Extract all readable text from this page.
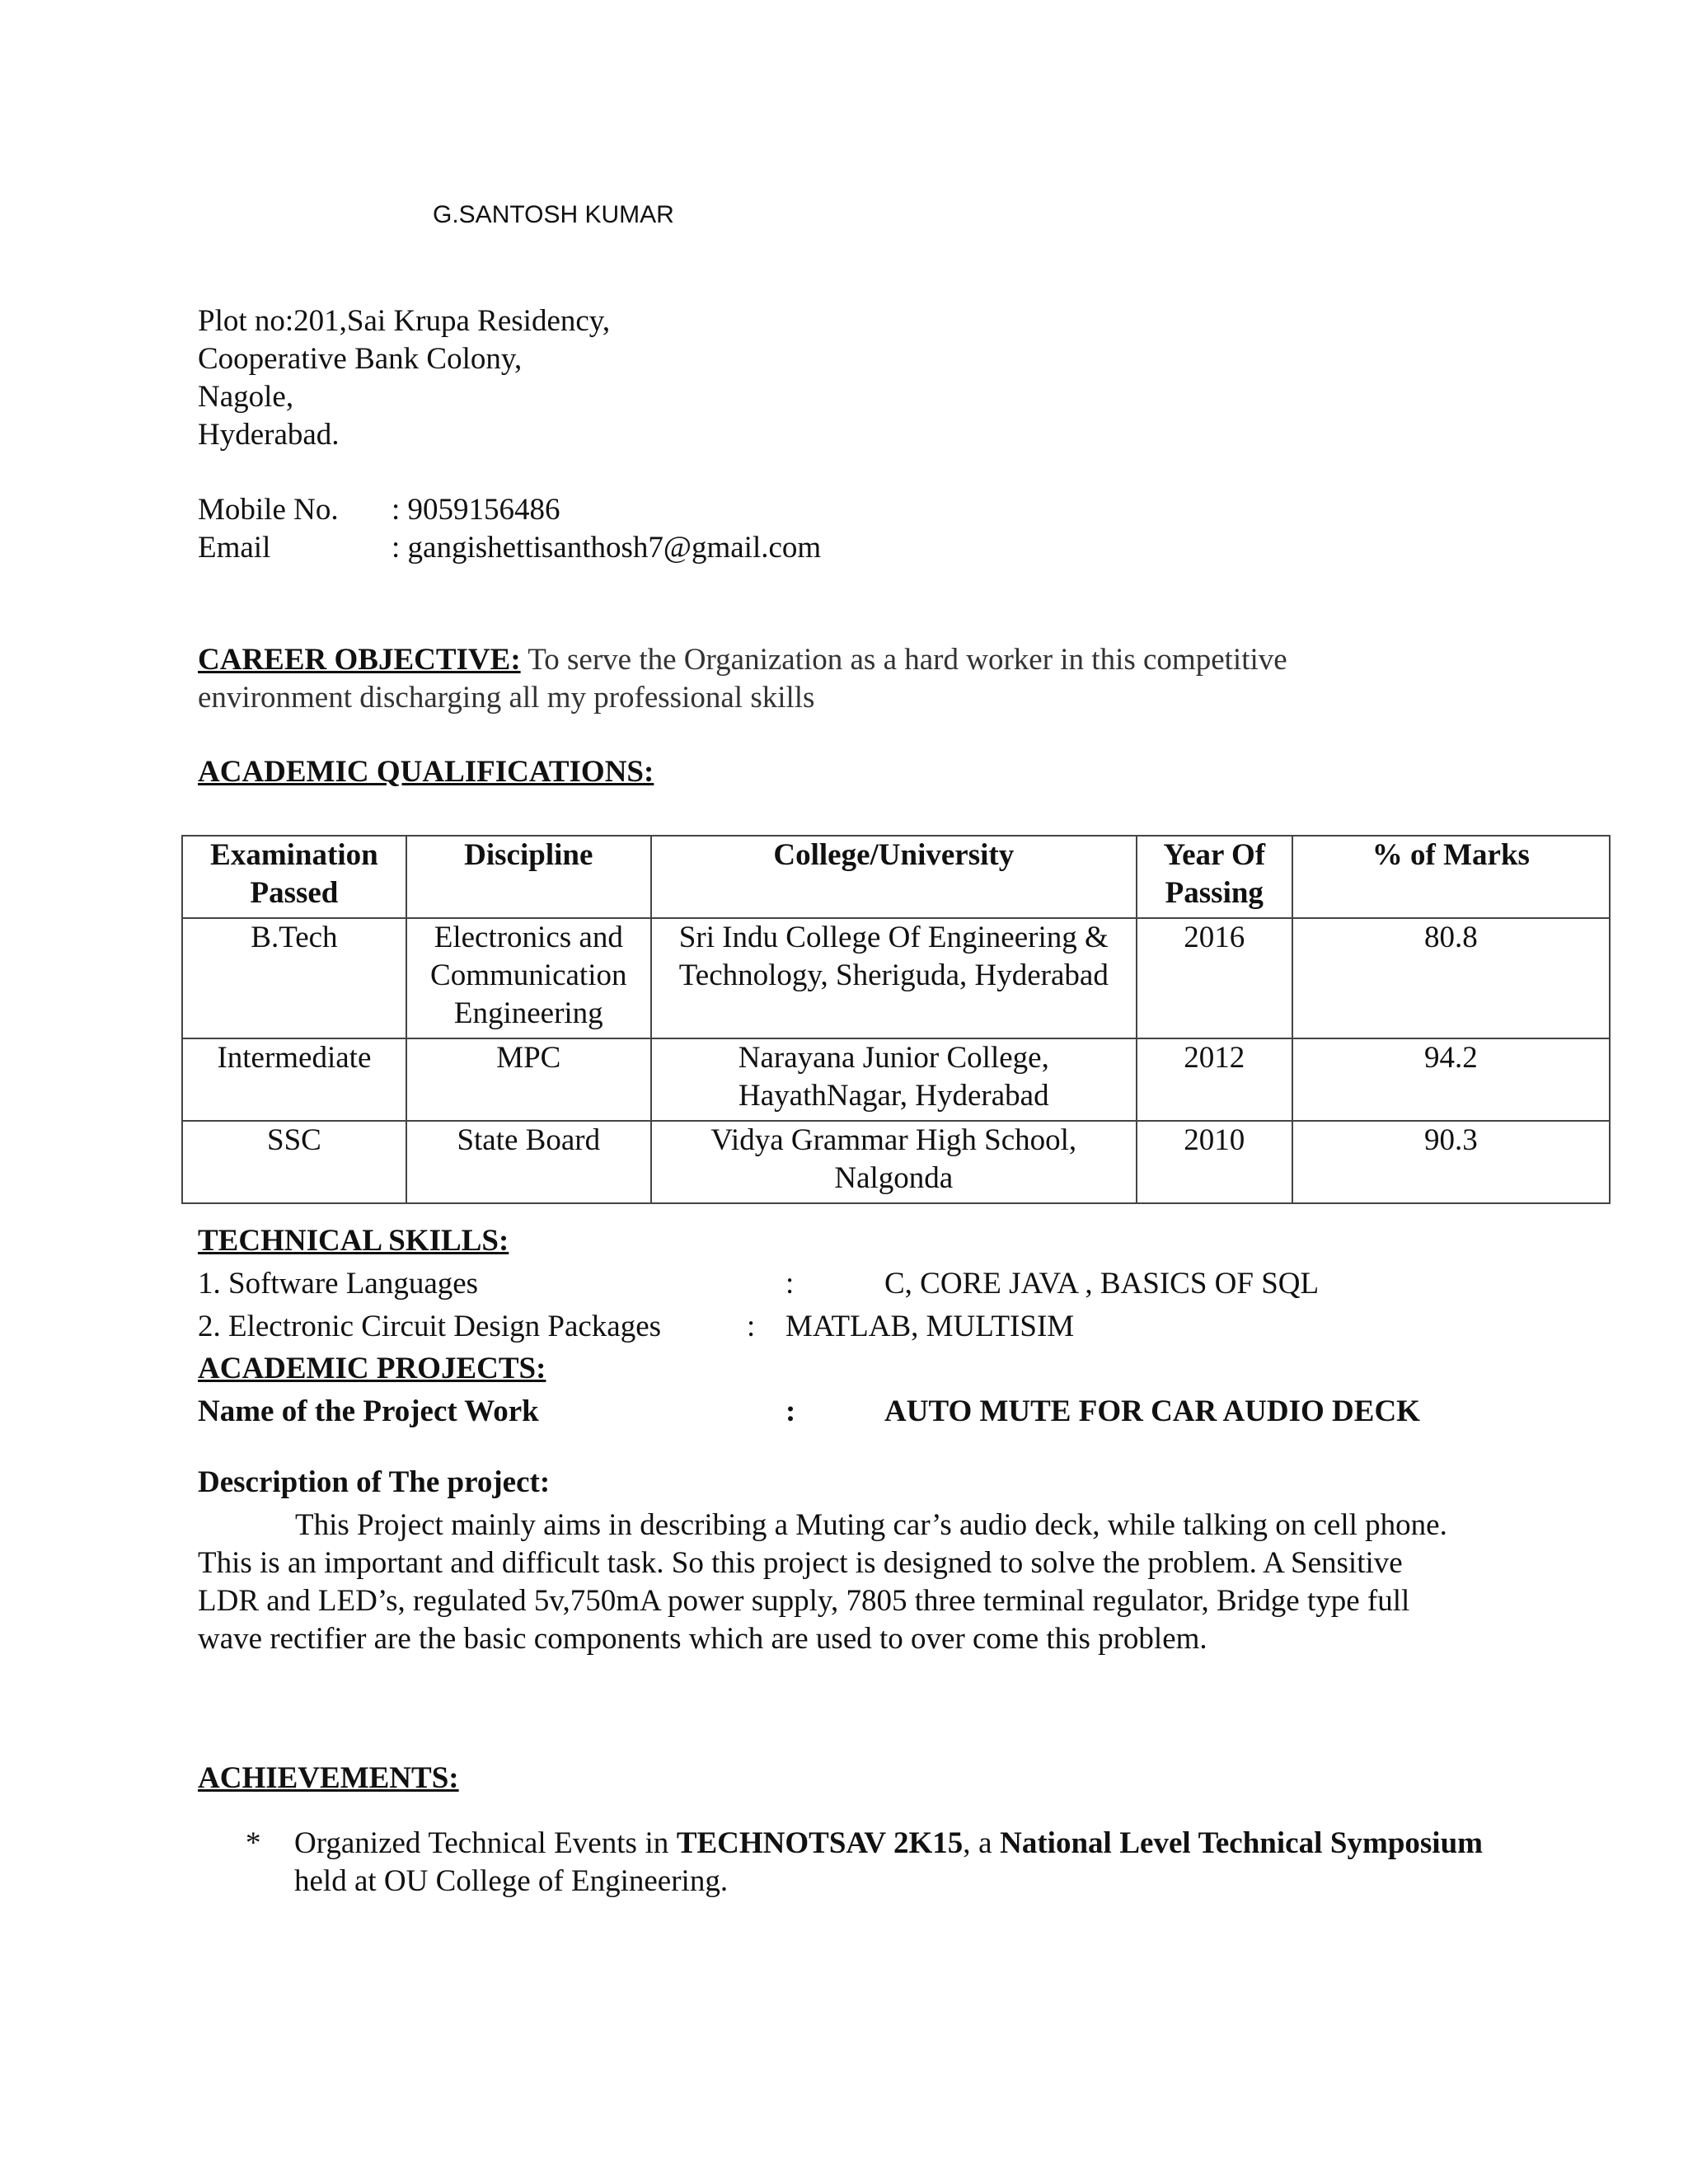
G.SANTOSH KUMAR
Plot no:201,Sai Krupa Residency,
Cooperative Bank Colony,
Nagole,
Hyderabad.
Mobile No.	: 9059156486
Email	: gangishettisanthosh7@gmail.com
CAREER OBJECTIVE: To serve the Organization as a hard worker in this competitive environment discharging all my professional skills
ACADEMIC QUALIFICATIONS:
Examination Passed	Discipline	College/University	Year Of Passing	% of Marks
B.Tech	Electronics and Communication Engineering	Sri Indu College Of Engineering & Technology, Sheriguda, Hyderabad	2016	80.8
Intermediate	MPC	Narayana Junior College, HayathNagar, Hyderabad	2012	94.2
SSC	State Board	Vidya Grammar High School, Nalgonda	2010	90.3
TECHNICAL SKILLS:
1. Software Languages	:	C, CORE JAVA , BASICS OF SQL
2. Electronic Circuit Design Packages	: MATLAB, MULTISIM
ACADEMIC PROJECTS:
Name of the Project Work	:	AUTO MUTE FOR CAR AUDIO DECK
Description of The project:
This Project mainly aims in describing a Muting car’s audio deck, while talking on cell phone. This is an important and difficult task. So this project is designed to solve the problem. A Sensitive LDR and LED’s, regulated 5v,750mA power supply, 7805 three terminal regulator, Bridge type full wave rectifier are the basic components which are used to over come this problem.
ACHIEVEMENTS:
* Organized Technical Events in TECHNOTSAV 2K15, a National Level Technical Symposium held at OU College of Engineering.
